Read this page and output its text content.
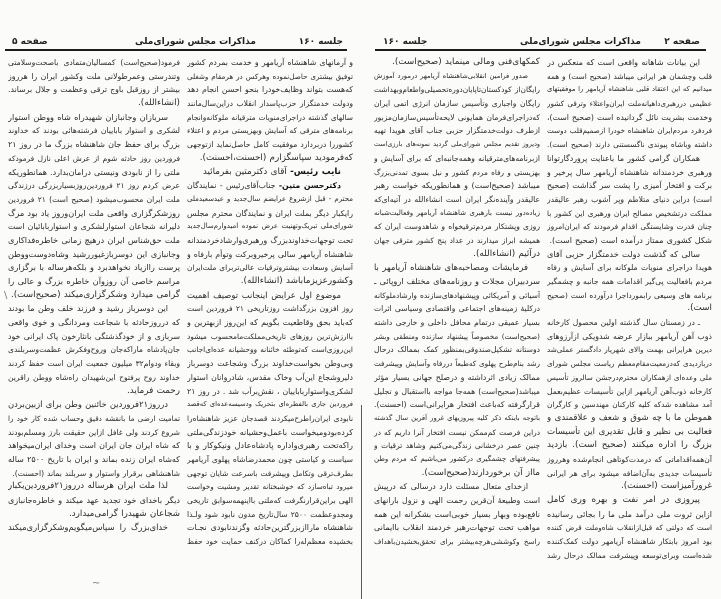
صفحه ۵	مذاکرات مجلس شورای‌ملی	جلسه ۱۶۰
و آرمانهای شاهنشاه آریامهر و خدمت بمردم کشور
توفیق بیشتری حاصل‌نموده وهرکس در هرمقام وشغلی
که‌هست بتواند وظایف‌خودرا بنحو احسن انجام دهد
ودولت خدمتگزار حزب‌پاسدار انقلاب دراین‌سال‌مانند
سالهای گذشته دراجرای‌منویات مترقیانه ملوکانه‌وانجام
برنامه‌های مترقی که آسایش وبهزیستی مردم و اعتلاء
کشوررا دربردارد موفقیت کامل حاصل‌نماید ازتوجهی
که‌فرمودید سپاسگزارم (احسنت،احسنت).
نایب رئیس- آقای دکترمتین بفرمائید
دکترحسن متین- جناب‌آقای‌رئیس - نمایندگان
محترم - قبل ازشروع عرایضم سال‌جدید و عیدسعید‌ملی
رایکبار دیگر بملت ایران و نمایندگان محترم مجلس
شورای‌ملی تبریک‌وتهنیت عرض نموده امیدوارم‌سال‌جدید
تحت توجهات‌خداوند‌بزرگ ورهبری‌وارشادخردمندانه
شاهنشاه آریامهر سالی پرخیروبرکت وتوأم بارفاه و
آسایش وسعادت بیشتروترقیات عالی‌تربرای ملت‌ایران
وکشورعزیزماباشد (انشاءالله).
موضوع اول عرایض اینجانب توصیف اهمیت
روز افزون بزرگداشت روزتاریخی ۲۱ فروردین است
که‌باید بحق وقاطعیت بگویم که این‌روز ازبهترین و
باارزش‌ترین روزهای تاریخی‌مملکت‌مامحسوب میشود
این‌روزی‌است که‌توطئه خائنانه ووحشیانه عده‌ای‌اجانب
وبی‌وطن بخواست‌خداوند بزرگ وشجاعت دوسرباز
دلیروشجاع این‌آب وخاک مقدس، شادروانان استوار
لشکری‌واستوارباباییان ، نقش‌برآب شد . در روز ۲۱
فروردین جاری بالفطره‌ای بتحریک ودسیسه‌عده‌ای که‌قصد
نابودی ایران‌راطرح‌میکردند قصدجان عزیز شاهنشاه‌را
کرده‌بودومیخواست باعمل‌وحشیانه خودزندگی‌ملتی
راکه‌تحت رهبری‌واداره پادشاه‌عادل ونیکوکار و با
سیاست و کیاستی چون محمدرضاشاه پهلوی آریامهر
بطرف‌ترقی وتکامل وپیشرفت باسرعت شایان توجهی
میرود تباه‌سازد که خوشبختانه تقدیر ومشیت وخواست
الهی براین‌قرارنگرفت که‌ملتی بااینهمه‌سوابق تاریخی
ومجدوعظمت ۲۵۰۰ سال‌تاریخ مدون نابود شود ولـذا
شاهنشاه ماراازبزرگترین‌حادثه وگزندنابودی نجـات
بخشیده معظم‌له‌را کماکان درکنف حمایت خود حفظ
فرمود(صحیح‌است) کمسالیان‌متمادی باصحت‌وسلامتی
وتندرستی وعمرطولانی ملت وکشور ایران را هرروز
بیشتر از روزقبل باوج ترقی وعظمت و جلال برساند.
(انشاءالله).
سربازان وجانبازان شهیدراه شاه ووطن استوار
لشکری و استوار باباییان فرشته‌هائی بودند که خداوند
بزرگ برای حفظ جان شاهنشاه بزرگ ما در روز ۲۱
فروردین روز حادثه شوم از عرش اعلی نازل فرمودکه
ملتی را از نابودی ونیستی درامان‌بدارد. همانطوریکه
عرض کردم روز ۲۱ فروردین‌روزبسیاربزرگی درزندگی
ملت ایران محسوب‌میشود (صحیح است) ۲۱ فروردین
روزشکرگزاری واقعی ملت ایران‌وروز یاد بود مرگ
دلیرانه شجاعان استوارلشکری و استواربابائیان است
ملت حق‌شناس ایران درهیچ زمانی خاطره‌فداکاری
وجانبازی این دوسربازغیوررشید وشاه‌دوست‌ووطن‌
پرست راازیاد نخواهدبرد و بلکه‌هرساله با برگزاری
مراسم خاصی آن روزوآن خاطره بزرگ و عالی را
گرامی میدارد وشکرگزاری‌میکند (صحیح‌است).
این دوسرباز رشید و فرزند خلف وطن ما بودند
که درروزحادثه با شجاعت ومردانگی و خوی واقعی
سربازی و از خودگذشتگی بانثارخون پاک ایرانی خود
جان‌پادشاه ماراکه‌جان وروح‌وفکرش عظمت‌وسربلندی
وبقاء ودوام۳۲ میلیون جمعیت ایران است حفظ کردند
خداوند روح پرفتوح این‌شهیدان راه‌شاه ووطن راقرین
رحمت فرماید.
درروز۲۱فروردین خائنین وطن برای ازبین‌بردن
تمامیت ارضی ما بانقشه دقیق وحساب شده کار خود را
شروع کردند ولی غافل ازاین حقیقت بارز ومسلم‌بودند
که شاه ایران جان ایران است وخدای ایران‌میخواهد
که‌شاه ایران زنده بماند و ایران با تاریخ ۲۵۰۰ ساله
شاهنشاهی برقرار واستوار و سربلند بماند (احسنت).
لذا ملت ایران هرساله درروز۲۱فروردین‌یکبار
دیگر باخدای خود تجدید عهد میکند و خاطره‌جانبازی
شجاعان شهیدرا گرامی‌میدارد.
خدای‌بزرگ را سپاس‌میگویم‌وشکرگزاری‌میکند
\
~
جلسه ۱۶۰	مذاکرات مجلس شورای‌ملی	صفحه ۲
این بیانات شاهانه واقعی است که منعکس در
قلب وچشمان هر ایرانی میباشد (صحیح است) و همه
میدانیم که این اعتقاد قلبی شاهنشاه آریامهر را موفقیتهای
عظیمی دررهبری‌داهیانه‌ملت ایران‌واعتلاء وترقی کشور
وخدمت بشریت نائل گردانیده است (صحیح است)،
فردفرد مردم‌ایران شاهنشاه خودرا ازصمیم‌قلب دوست
داشته وباشاه پیوندی ناگسستنی دارند (صحیح است).
همکاران گرامی کشور ما باعنایت پروردگارتوانا
ورهبری خردمندانه شاهنشاه آریامهر سال پرخیر و
برکت و افتخار آمیزی را پشت سر گذاشت (صحیح
است) دراین دنیای متلاطم وپر آشوب رهبر عالیقدر
مملکت درتشخیص مصالح ایران ورهبری این کشور با
چنان قدرت وشایستگی اقدام فرمودند که ایران‌امروز
شکل کشوری ممتاز درآمده است (صحیح است).
سالی که گذشت دولت خدمتگزار حزبی آقای
هویدا دراجرای منویات ملوکانه برای آسایش و رفاه
مردم بافعالیت پی‌گیر اقدامات همه جانبه و چشمگیر
برنامه های وسیعی رابمورداجرا درآورده است (صحیح
است).
ـ در زمستان سال گذشته اولین محصول کارخانه
ذوب آهن آریامهر ببازار عرضه شدویکی ازآرزوهای
دیرین هرایرانی بهمت والای شهریار دادگستر عملی‌شد
دربازدیدی که‌درمعیت‌مقام‌معظم ریاست مجلس شورای
ملی وعده‌ای ازهمکاران محترم‌درجشن سالروز تأسیس
کارخانه ذوب‌آهن آریامهر ازاین تأسیسات عظیم‌بعمل
آمد مشاهده شدکه کلیه کارکنان مهندسین و کارگران
هموطن ما با چه شوق و شعف و علاقمندی و
فعالیت بی نظیر و قابل تقدیری این تأسیسات
بزرگ را اداره میکنند (صحیح است). بازدید
آن‌همه‌اقداماتی که درمدت‌کوتاهی انجام‌شده وهرروز
تأسیسات جدیدی به‌آن‌اضافه میشود برای هر ایرانی
غرورآمیزاست (احسنت).
پیروزی در امر نفت و بهره وری کامل
ازاین ثروت ملی درآمد ملی ما را بجائی رسانیده
است که دولتی که قبل‌ازانقلاب شاه‌وملت قرض کننده
بود امروز بابتکار شاهنشاه آریامهر دولت کمک‌کننده
شده‌است وبرای‌توسعه وپیشرفت ممالک درحال رشد
کمکهای‌فنی ومالی مینماید (صحیح‌است).
صدور فرامین انقلابی‌شاهنشاه آریامهر درمورد آموزش
رایگان‌از کودکستان‌تاپایان‌دوره‌تحصیلی‌واطعام‌وبهداشت
رایگان واجباری وتأسیس سازمان انرژی اتمی ایران
که‌دراجرای‌فرمان همایونی لایحه‌تأسیس‌سازمان‌مزبور
ازطرف دولت‌خدمتگزار حزبی جناب آقای هویدا تهیه
ودیروز تقدیم مجلس شورای‌ملی گردید نمونه‌های بارزی‌است
ازبرنامه‌های‌مترقیانه وهمه‌جانبه‌ای که برای آسایش و
بهزیستی و رفاه مردم کشور و نیل بسوی تمدنی‌بزرگ
میباشد (صحیح‌است) و همانطوریکه خواست رهبر
عالیقدر وآینده‌نگر ایران است انشاءالله در آتیه‌ای‌که
زیاده‌دور نیست بارهبری شاهنشاه آریامهر وفعالیت‌شبانه‌
روزی وپشتکار مردم‌ترقیخواه و شاهدوست ایران که
همیشه ابراز میدارند در عداد پنج کشور مترقی جهان
درآئیم (انشاءالله).
فرمایشات ومصاحبه‌های شاهنشاه آریامهر با
سردبیران مجلات و روزنامه‌های مختلف اروپائی ـ
آسیائی و آمریکائی وپیشنهادهای‌سازنده وارشادملوکانه
درکلیهٔ زمینه‌های اجتماعی واقتصادی وسیاسی اثرات
بسیار عمیقی درتمام محافل داخلی و خارجی داشته
(صحیح‌است) مخصوصاً پیشنهاد سازنده ومنطقی وبشر
دوستانه تشکیل‌صندوقی‌بمنظور کمک بممالک درحال
رشد بنام‌طرح پهلوی که‌طبعاً دررفاه وآسایش وپیشرفت
ممالک زیادی اثرداشته و درصلح جهانی بسیار مؤثر
میباشد(صحیح‌است) همه‌جا مواجه بااستقبال و تجلیل
قرارگرفته که‌باعث افتخار هرایرانی‌است (احسنت).
باتوجه باینکه ذکر کلیه پیروزیهای غرور آفرین سال گذشته
دراین فرصت کم‌ممکن نیست افتخار آنرا داریم که در
چنین عصر درخشانی زندگی‌می‌کنیم وشاهد ترقیات و
پیشرفتهای چشمگیری درکشور می‌باشیم که مردم وطن
ما‌از آن برخوردارند(صحیح‌است).
ازخدای متعال مسئلت دارد درسالی که درپیش
است وطبیعهٔ آن‌قرین رحمت الهی و نزول بارانهای
نافع‌بوده وبهار بسیار خوبی‌است بشکرانه این همه
مواهب تحت توجهات‌رهبر خردمند انقلاب باایمانی
راسخ وکوششی‌هرچه‌بیشتر برای تحقق‌بخشیدن‌باهداف
